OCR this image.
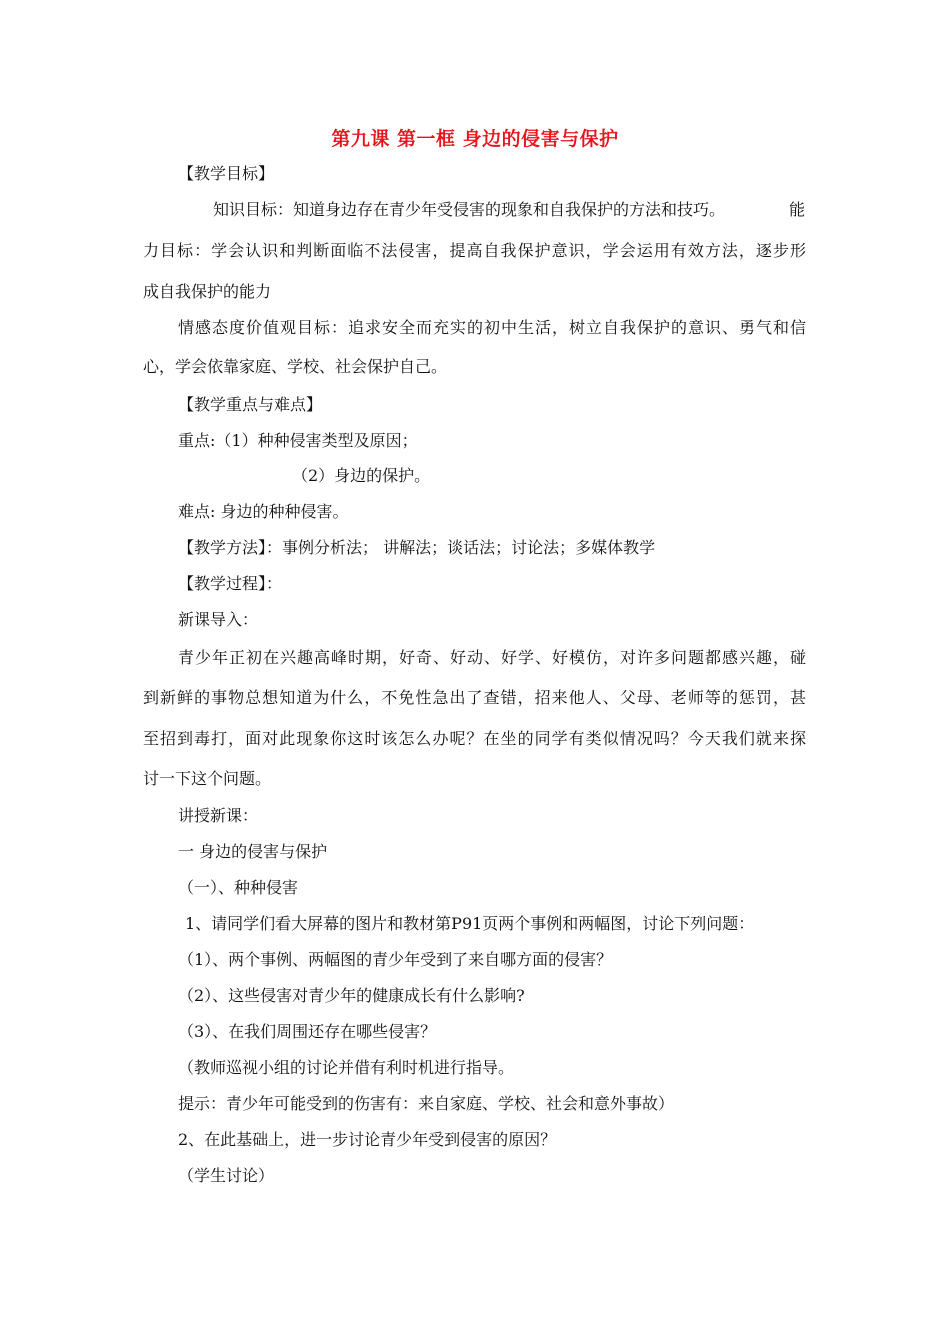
第九课 第一框 身边的侵害与保护
【教学目标】
知识目标：知道身边存在青少年受侵害的现象和自我保护的方法和技巧。	能
力目标：学会认识和判断面临不法侵害，提高自我保护意识，学会运用有效方法，逐步形
成自我保护的能力
情感态度价值观目标：追求安全而充实的初中生活，树立自我保护的意识、勇气和信
心，学会依靠家庭、学校、社会保护自己。
【教学重点与难点】
重点:（1）种种侵害类型及原因；
（2）身边的保护。
难点: 身边的种种侵害。
【教学方法】：事例分析法； 讲解法；谈话法；讨论法；多媒体教学
【教学过程】：
新课导入：
青少年正初在兴趣高峰时期，好奇、好动、好学、好模仿，对许多问题都感兴趣，碰
到新鲜的事物总想知道为什么，不免性急出了查错，招来他人、父母、老师等的惩罚，甚
至招到毒打，面对此现象你这时该怎么办呢？在坐的同学有类似情况吗？今天我们就来探
讨一下这个问题。
讲授新课：
一 身边的侵害与保护
（一）、种种侵害
1、请同学们看大屏幕的图片和教材第P91页两个事例和两幅图，讨论下列问题：
（1）、两个事例、两幅图的青少年受到了来自哪方面的侵害？
（2）、这些侵害对青少年的健康成长有什么影响?
（3）、在我们周围还存在哪些侵害？
（教师巡视小组的讨论并借有利时机进行指导。
提示：青少年可能受到的伤害有：来自家庭、学校、社会和意外事故）
2、在此基础上，进一步讨论青少年受到侵害的原因？
（学生讨论）
